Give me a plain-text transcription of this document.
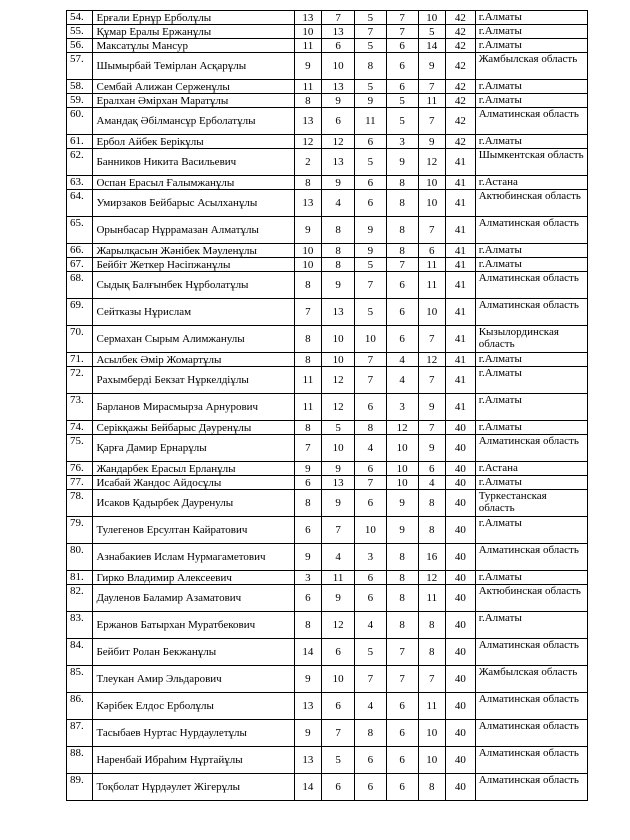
54.	Ерғали Ернұр Ерболұлы	13	7	5	7	10	42	г.Алматы
55.	Құмар Ералы Ержанұлы	10	13	7	7	5	42	г.Алматы
56.	Максатұлы Мансур	11	6	5	6	14	42	г.Алматы
57.	Шымырбай Темірлан Асқарұлы	9	10	8	6	9	42	Жамбылская область
58.	Сембай Алижан Серженұлы	11	13	5	6	7	42	г.Алматы
59.	Ералхан Әмірхан Маратұлы	8	9	9	5	11	42	г.Алматы
60.	Амандақ Әбілмансұр Ерболатұлы	13	6	11	5	7	42	Алматинская область
61.	Ербол Айбек Берікұлы	12	12	6	3	9	42	г.Алматы
62.	Банников Никита Васильевич	2	13	5	9	12	41	Шымкентская область
63.	Оспан Ерасыл Ғалымжанұлы	8	9	6	8	10	41	г.Астана
64.	Умирзаков Бейбарыс Асылханұлы	13	4	6	8	10	41	Актюбинская область
65.	Орынбасар Нұррамазан Алматұлы	9	8	9	8	7	41	Алматинская область
66.	Жарылқасын Жәнібек Мәуленұлы	10	8	9	8	6	41	г.Алматы
67.	Бейбіт Жеткер Нәсіпжанұлы	10	8	5	7	11	41	г.Алматы
68.	Сыдық Балғынбек Нұрболатұлы	8	9	7	6	11	41	Алматинская область
69.	Сейтказы Нұрислам	7	13	5	6	10	41	Алматинская область
70.	Сермахан Сырым Алимжанулы	8	10	10	6	7	41	Кызылординская область
71.	Асылбек Әмір Жомартұлы	8	10	7	4	12	41	г.Алматы
72.	Рахымберді Бекзат Нұркелдіұлы	11	12	7	4	7	41	г.Алматы
73.	Барланов Мирасмырза Арнурович	11	12	6	3	9	41	г.Алматы
74.	Серікқажы Бейбарыс Дәуренұлы	8	5	8	12	7	40	г.Алматы
75.	Қарға Дамир Ернарұлы	7	10	4	10	9	40	Алматинская область
76.	Жандарбек Ерасыл Ерланұлы	9	9	6	10	6	40	г.Астана
77.	Исабай Жандос Айдосұлы	6	13	7	10	4	40	г.Алматы
78.	Исаков Қадырбек Дауренулы	8	9	6	9	8	40	Туркестанская область
79.	Тулегенов Ерсултан Кайратович	6	7	10	9	8	40	г.Алматы
80.	Азнабакиев Ислам Нурмагаметович	9	4	3	8	16	40	Алматинская область
81.	Гирко Владимир Алексеевич	3	11	6	8	12	40	г.Алматы
82.	Дауленов Баламир Азаматович	6	9	6	8	11	40	Актюбинская область
83.	Ержанов Батырхан Муратбекович	8	12	4	8	8	40	г.Алматы
84.	Бейбит Ролан Бекжанұлы	14	6	5	7	8	40	Алматинская область
85.	Тлеукан Амир Эльдарович	9	10	7	7	7	40	Жамбылская область
86.	Кәрібек Елдос Ерболұлы	13	6	4	6	11	40	Алматинская область
87.	Тасыбаев Нуртас Нурдаулетұлы	9	7	8	6	10	40	Алматинская область
88.	Наренбай Ибраһим Нұртайұлы	13	5	6	6	10	40	Алматинская область
89.	Тоқболат Нұрдәулет Жігерұлы	14	6	6	6	8	40	Алматинская область
